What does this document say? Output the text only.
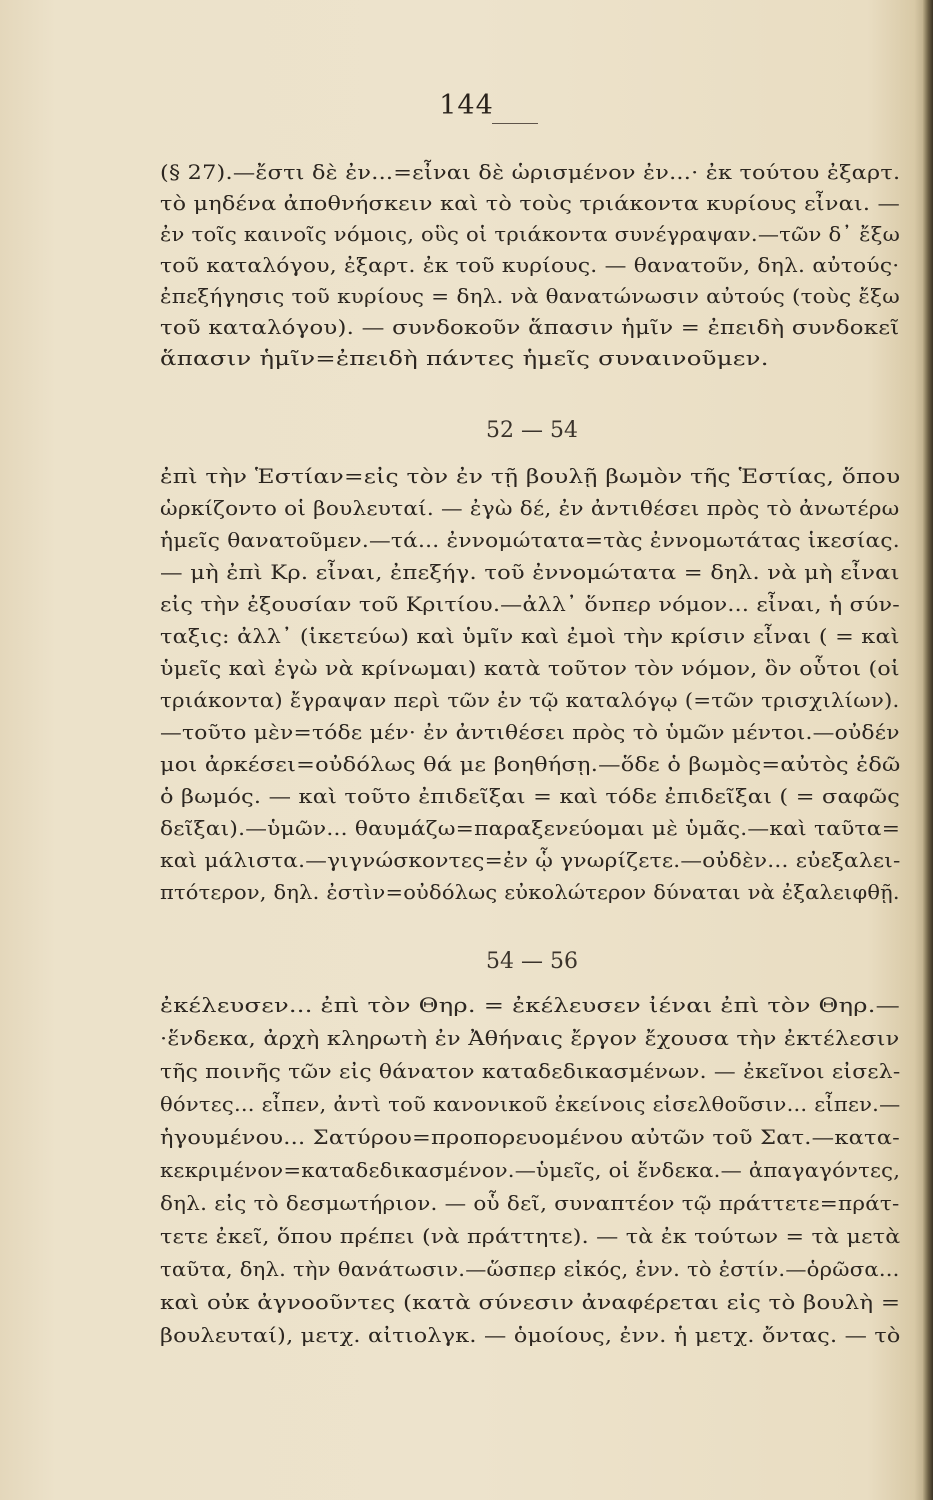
144
(§ 27).—ἔστι δὲ ἐν...=εἶναι δὲ ὡρισμένον ἐν...· ἐκ τούτου ἐξαρτ.
τὸ μηδένα ἀποθνήσκειν καὶ τὸ τοὺς τριάκοντα κυρίους εἶναι. —
ἐν τοῖς καινοῖς νόμοις, οὓς οἱ τριάκοντα συνέγραψαν.—τῶν δ᾽ ἔξω
τοῦ καταλόγου, ἐξαρτ. ἐκ τοῦ κυρίους. — θανατοῦν, δηλ. αὐτούς·
ἐπεξήγησις τοῦ κυρίους = δηλ. νὰ θανατώνωσιν αὐτούς (τοὺς ἔξω
τοῦ καταλόγου). — συνδοκοῦν ἅπασιν ἡμῖν = ἐπειδὴ συνδοκεῖ
ἅπασιν ἡμῖν=ἐπειδὴ πάντες ἡμεῖς συναινοῦμεν.
52 — 54
ἐπὶ τὴν Ἑστίαν=εἰς τὸν ἐν τῇ βουλῇ βωμὸν τῆς Ἑστίας, ὅπου
ὡρκίζοντο οἱ βουλευταί. — ἐγὼ δέ, ἐν ἀντιθέσει πρὸς τὸ ἀνωτέρω
ἡμεῖς θανατοῦμεν.—τά... ἐννομώτατα=τὰς ἐννομωτάτας ἱκεσίας.
— μὴ ἐπὶ Κρ. εἶναι, ἐπεξήγ. τοῦ ἐννομώτατα = δηλ. νὰ μὴ εἶναι
εἰς τὴν ἐξουσίαν τοῦ Κριτίου.—ἀλλ᾽ ὅνπερ νόμον... εἶναι, ἡ σύν-
ταξις: ἀλλ᾽ (ἱκετεύω) καὶ ὑμῖν καὶ ἐμοὶ τὴν κρίσιν εἶναι ( = καὶ
ὑμεῖς καὶ ἐγὼ νὰ κρίνωμαι) κατὰ τοῦτον τὸν νόμον, ὃν οὗτοι (οἱ
τριάκοντα) ἔγραψαν περὶ τῶν ἐν τῷ καταλόγῳ (=τῶν τρισχιλίων).
—τοῦτο μὲν=τόδε μέν· ἐν ἀντιθέσει πρὸς τὸ ὑμῶν μέντοι.—οὐδέν
μοι ἀρκέσει=οὐδόλως θά με βοηθήσῃ.—ὅδε ὁ βωμὸς=αὐτὸς ἐδῶ
ὁ βωμός. — καὶ τοῦτο ἐπιδεῖξαι = καὶ τόδε ἐπιδεῖξαι ( = σαφῶς
δεῖξαι).—ὑμῶν... θαυμάζω=παραξενεύομαι μὲ ὑμᾶς.—καὶ ταῦτα=
καὶ μάλιστα.—γιγνώσκοντες=ἐν ᾧ γνωρίζετε.—οὐδὲν... εὐεξαλει-
πτότερον, δηλ. ἐστὶν=οὐδόλως εὐκολώτερον δύναται νὰ ἐξαλειφθῇ.
54 — 56
ἐκέλευσεν... ἐπὶ τὸν Θηρ. = ἐκέλευσεν ἰέναι ἐπὶ τὸν Θηρ.—
·ἕνδεκα, ἀρχὴ κληρωτὴ ἐν Ἀθήναις ἔργον ἔχουσα τὴν ἐκτέλεσιν
τῆς ποινῆς τῶν εἰς θάνατον καταδεδικασμένων. — ἐκεῖνοι εἰσελ-
θόντες... εἶπεν, ἀντὶ τοῦ κανονικοῦ ἐκείνοις εἰσελθοῦσιν... εἶπεν.—
ἡγουμένου... Σατύρου=προπορευομένου αὐτῶν τοῦ Σατ.—κατα-
κεκριμένον=καταδεδικασμένον.—ὑμεῖς, οἱ ἕνδεκα.— ἀπαγαγόντες,
δηλ. εἰς τὸ δεσμωτήριον. — οὗ δεῖ, συναπτέον τῷ πράττετε=πράτ-
τετε ἐκεῖ, ὅπου πρέπει (νὰ πράττητε). — τὰ ἐκ τούτων = τὰ μετὰ
ταῦτα, δηλ. τὴν θανάτωσιν.—ὥσπερ εἰκός, ἐνν. τὸ ἐστίν.—ὁρῶσα...
καὶ οὐκ ἀγνοοῦντες (κατὰ σύνεσιν ἀναφέρεται εἰς τὸ βουλὴ =
βουλευταί), μετχ. αἰτιολγκ. — ὁμοίους, ἐνν. ἡ μετχ. ὄντας. — τὸ
